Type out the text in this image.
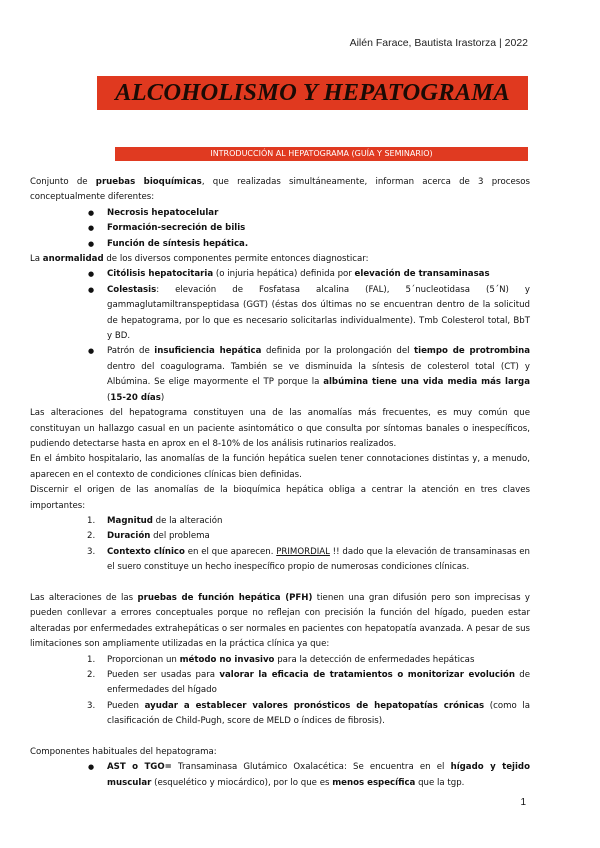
Ailén Farace, Bautista Irastorza | 2022
ALCOHOLISMO Y HEPATOGRAMA
INTRODUCCIÓN AL HEPATOGRAMA (GUÍA Y SEMINARIO)

Conjunto de pruebas bioquímicas, que realizadas simultáneamente, informan acerca de 3 procesos conceptualmente diferentes:

● Necrosis hepatocelular
● Formación-secreción de bilis
● Función de síntesis hepática.

La anormalidad de los diversos componentes permite entonces diagnosticar:

● Citólisis hepatocitaria (o injuria hepática) definida por elevación de transaminasas
● Colestasis: elevación de Fosfatasa alcalina (FAL), 5´nucleotidasa (5´N) y gammaglutamiltranspeptidasa (GGT) (éstas dos últimas no se encuentran dentro de la solicitud de hepatograma, por lo que es necesario solicitarlas individualmente). Tmb Colesterol total, BbT y BD.
● Patrón de insuficiencia hepática definida por la prolongación del tiempo de protrombina dentro del coagulograma. También se ve disminuida la síntesis de colesterol total (CT) y Albúmina. Se elige mayormente el TP porque la albúmina tiene una vida media más larga (15-20 días)

Las alteraciones del hepatograma constituyen una de las anomalías más frecuentes, es muy común que constituyan un hallazgo casual en un paciente asintomático o que consulta por síntomas banales o inespecíficos, pudiendo detectarse hasta en aprox en el 8-10% de los análisis rutinarios realizados.

En el ámbito hospitalario, las anomalías de la función hepática suelen tener connotaciones distintas y, a menudo, aparecen en el contexto de condiciones clínicas bien definidas.

Discernir el origen de las anomalías de la bioquímica hepática obliga a centrar la atención en tres claves importantes:

1. Magnitud de la alteración
2. Duración del problema
3. Contexto clínico en el que aparecen. PRIMORDIAL !! dado que la elevación de transaminasas en el suero constituye un hecho inespecífico propio de numerosas condiciones clínicas.

Las alteraciones de las pruebas de función hepática (PFH) tienen una gran difusión pero son imprecisas y pueden conllevar a errores conceptuales porque no reflejan con precisión la función del hígado, pueden estar alteradas por enfermedades extrahepáticas o ser normales en pacientes con hepatopatía avanzada. A pesar de sus limitaciones son ampliamente utilizadas en la práctica clínica ya que:

1. Proporcionan un método no invasivo para la detección de enfermedades hepáticas
2. Pueden ser usadas para valorar la eficacia de tratamientos o monitorizar evolución de enfermedades del hígado
3. Pueden ayudar a establecer valores pronósticos de hepatopatías crónicas (como la clasificación de Child-Pugh, score de MELD o índices de fibrosis).

Componentes habituales del hepatograma:

● AST o TGO= Transaminasa Glutámico Oxalacética: Se encuentra en el hígado y tejido muscular (esquelético y miocárdico), por lo que es menos específica que la tgp.
1
